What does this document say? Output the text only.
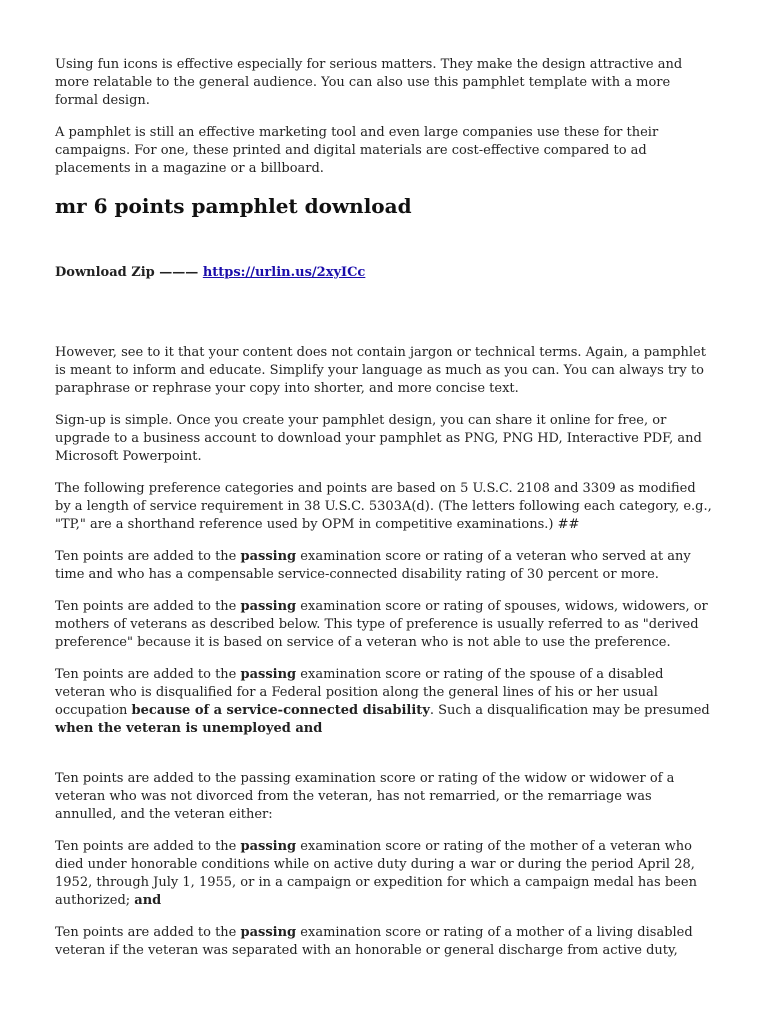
Using fun icons is effective especially for serious matters. They make the design attractive and more relatable to the general audience. You can also use this pamphlet template with a more formal design.

A pamphlet is still an effective marketing tool and even large companies use these for their campaigns. For one, these printed and digital materials are cost-effective compared to ad placements in a magazine or a billboard.

mr 6 points pamphlet download
Download Zip ——— https://urlin.us/2xyICc

However, see to it that your content does not contain jargon or technical terms. Again, a pamphlet is meant to inform and educate. Simplify your language as much as you can. You can always try to paraphrase or rephrase your copy into shorter, and more concise text.

Sign-up is simple. Once you create your pamphlet design, you can share it online for free, or upgrade to a business account to download your pamphlet as PNG, PNG HD, Interactive PDF, and Microsoft Powerpoint.

The following preference categories and points are based on 5 U.S.C. 2108 and 3309 as modified by a length of service requirement in 38 U.S.C. 5303A(d). (The letters following each category, e.g., "TP," are a shorthand reference used by OPM in competitive examinations.) ##

Ten points are added to the passing examination score or rating of a veteran who served at any time and who has a compensable service-connected disability rating of 30 percent or more.

Ten points are added to the passing examination score or rating of spouses, widows, widowers, or mothers of veterans as described below. This type of preference is usually referred to as "derived preference" because it is based on service of a veteran who is not able to use the preference.

Ten points are added to the passing examination score or rating of the spouse of a disabled veteran who is disqualified for a Federal position along the general lines of his or her usual occupation because of a service-connected disability. Such a disqualification may be presumed when the veteran is unemployed and

Ten points are added to the passing examination score or rating of the widow or widower of a veteran who was not divorced from the veteran, has not remarried, or the remarriage was annulled, and the veteran either:

Ten points are added to the passing examination score or rating of the mother of a veteran who died under honorable conditions while on active duty during a war or during the period April 28, 1952, through July 1, 1955, or in a campaign or expedition for which a campaign medal has been authorized; and

Ten points are added to the passing examination score or rating of a mother of a living disabled veteran if the veteran was separated with an honorable or general discharge from active duty,
